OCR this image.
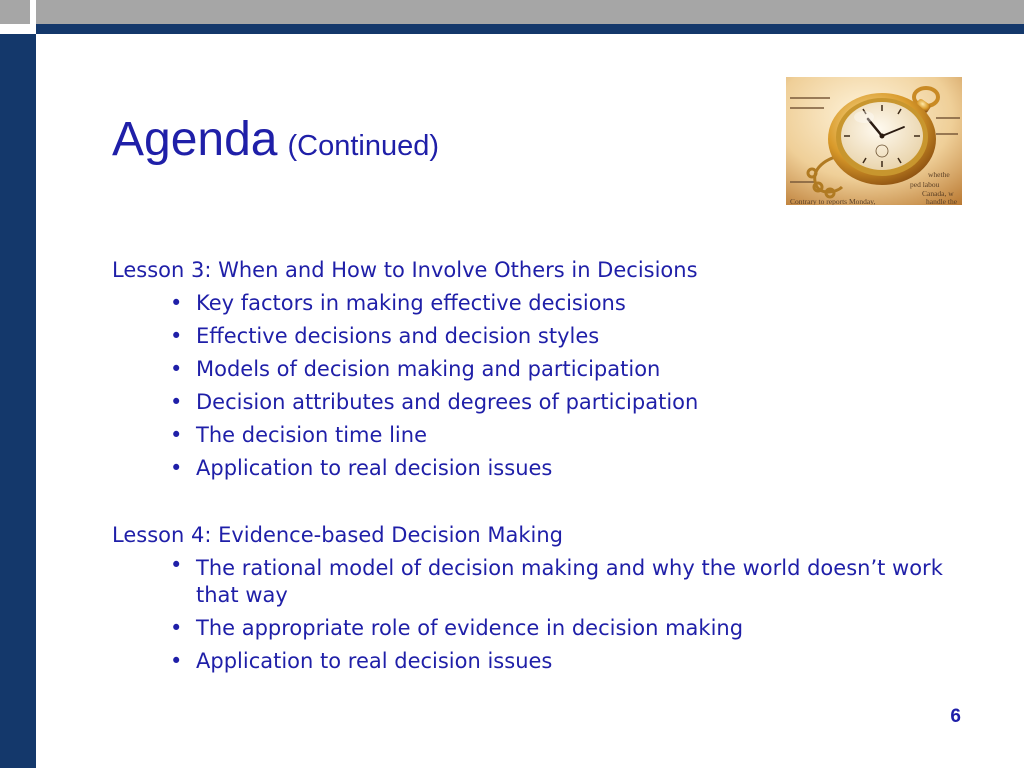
Agenda (Continued)
whethe
ped labou
Canada, w
Contrary to reports Monday,	handle the

Lesson 3: When and How to Involve Others in Decisions

• Key factors in making effective decisions
• Effective decisions and decision styles
• Models of decision making and participation
• Decision attributes and degrees of participation
• The decision time line
• Application to real decision issues

Lesson 4: Evidence-based Decision Making

• The rational model of decision making and why the world doesn’t work that way
• The appropriate role of evidence in decision making
• Application to real decision issues
6
